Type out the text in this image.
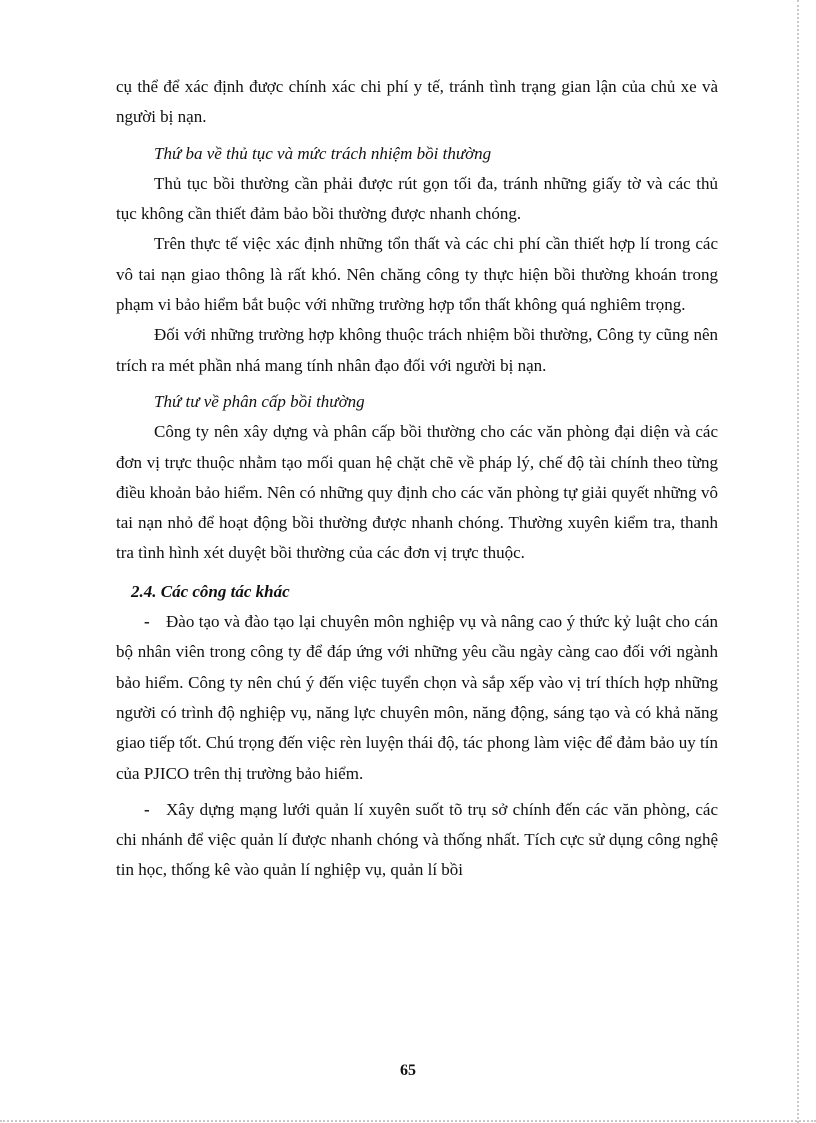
cụ thể để xác định được chính xác chi phí y tế, tránh tình trạng gian lận của chủ xe và người bị nạn.

Thứ ba về thủ tục và mức trách nhiệm bồi thường

Thủ tục bồi thường cần phải được rút gọn tối đa, tránh những giấy tờ và các thủ tục không cần thiết đảm bảo bồi thường được nhanh chóng.

Trên thực tế việc xác định những tổn thất và các chi phí cần thiết hợp lí trong các vô tai nạn giao thông là rất khó. Nên chăng công ty thực hiện bồi thường khoán trong phạm vi bảo hiểm bắt buộc với những trường hợp tổn thất không quá nghiêm trọng.

Đối với những trường hợp không thuộc trách nhiệm bồi thường, Công ty cũng nên trích ra mét phần nhá mang tính nhân đạo đối với người bị nạn.

Thứ tư về phân cấp bồi thường

Công ty nên xây dựng và phân cấp bồi thường cho các văn phòng đại diện và các đơn vị trực thuộc nhằm tạo mối quan hệ chặt chẽ về pháp lý, chế độ tài chính theo từng điều khoản bảo hiểm. Nên có những quy định cho các văn phòng tự giải quyết những vô tai nạn nhỏ để hoạt động bồi thường được nhanh chóng. Thường xuyên kiểm tra, thanh tra tình hình xét duyệt bồi thường của các đơn vị trực thuộc.

2.4. Các công tác khác

- Đào tạo và đào tạo lại chuyên môn nghiệp vụ và nâng cao ý thức kỷ luật cho cán bộ nhân viên trong công ty để đáp ứng với những yêu cầu ngày càng cao đối với ngành bảo hiểm. Công ty nên chú ý đến việc tuyển chọn và sắp xếp vào vị trí thích hợp những người có trình độ nghiệp vụ, năng lực chuyên môn, năng động, sáng tạo và có khả năng giao tiếp tốt. Chú trọng đến việc rèn luyện thái độ, tác phong làm việc để đảm bảo uy tín của PJICO trên thị trường bảo hiểm.

- Xây dựng mạng lưới quản lí xuyên suốt tõ trụ sở chính đến các văn phòng, các chi nhánh để việc quản lí được nhanh chóng và thống nhất. Tích cực sử dụng công nghệ tin học, thống kê vào quản lí nghiệp vụ, quản lí bồi

65
